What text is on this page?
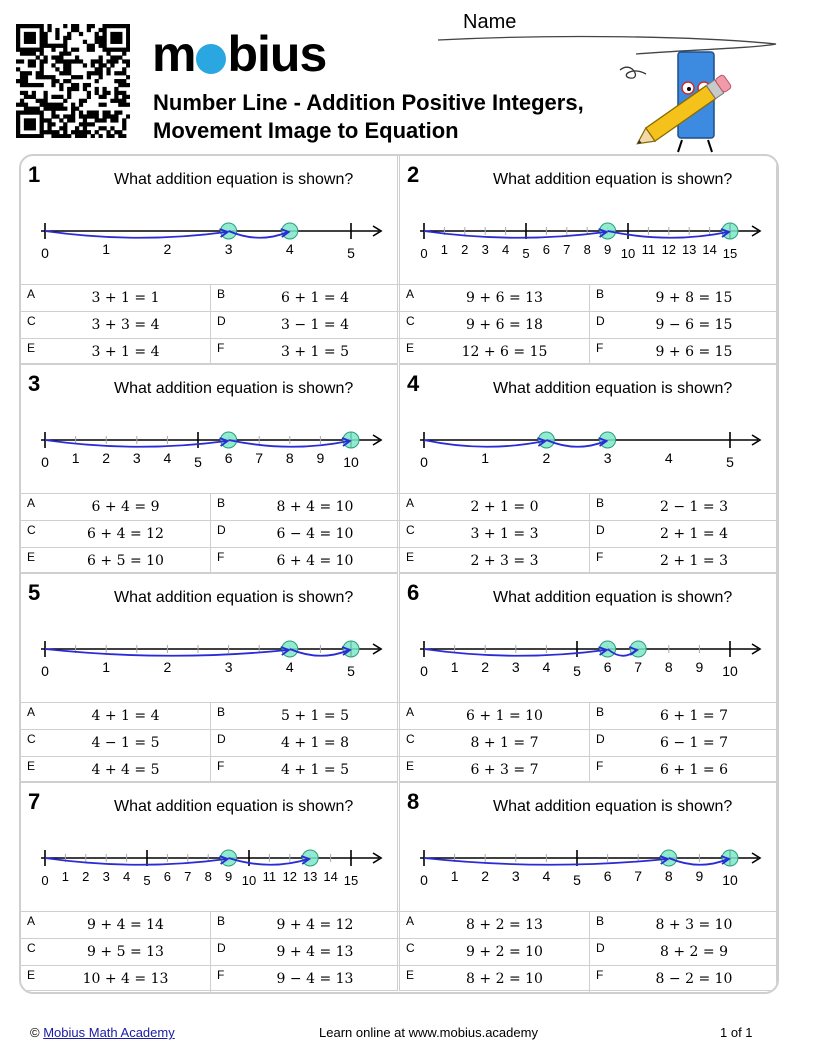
m bius
Number Line - Addition Positive Integers,
Movement Image to Equation
Name
1	What addition equation is shown?
0	1	2	3	4	5
A	3 + 1 = 1	B	6 + 1 = 4
C	3 + 3 = 4	D	3 − 1 = 4
E	3 + 1 = 4	F	3 + 1 = 5
2	What addition equation is shown?
0 1 2 3 4 5 6 7 8 9 10 11 12 13 14 15
A	9 + 6 = 13	B	9 + 8 = 15
C	9 + 6 = 18	D	9 − 6 = 15
E	12 + 6 = 15	F	9 + 6 = 15
3	What addition equation is shown?
0 1 2 3 4 5 6 7 8 9 10
A	6 + 4 = 9	B	8 + 4 = 10
C	6 + 4 = 12	D	6 − 4 = 10
E	6 + 5 = 10	F	6 + 4 = 10
4	What addition equation is shown?
0	1	2	3	4	5
A	2 + 1 = 0	B	2 − 1 = 3
C	3 + 1 = 3	D	2 + 1 = 4
E	2 + 3 = 3	F	2 + 1 = 3
5	What addition equation is shown?
0	1	2	3	4	5
A	4 + 1 = 4	B	5 + 1 = 5
C	4 − 1 = 5	D	4 + 1 = 8
E	4 + 4 = 5	F	4 + 1 = 5
6	What addition equation is shown?
0 1 2 3 4 5 6 7 8 9 10
A	6 + 1 = 10	B	6 + 1 = 7
C	8 + 1 = 7	D	6 − 1 = 7
E	6 + 3 = 7	F	6 + 1 = 6
7	What addition equation is shown?
0 1 2 3 4 5 6 7 8 9 10 11 12 13 14 15
A	9 + 4 = 14	B	9 + 4 = 12
C	9 + 5 = 13	D	9 + 4 = 13
E	10 + 4 = 13	F	9 − 4 = 13
8	What addition equation is shown?
0 1 2 3 4 5 6 7 8 9 10
A	8 + 2 = 13	B	8 + 3 = 10
C	9 + 2 = 10	D	8 + 2 = 9
E	8 + 2 = 10	F	8 − 2 = 10
© Mobius Math Academy	Learn online at www.mobius.academy	1 of 1
